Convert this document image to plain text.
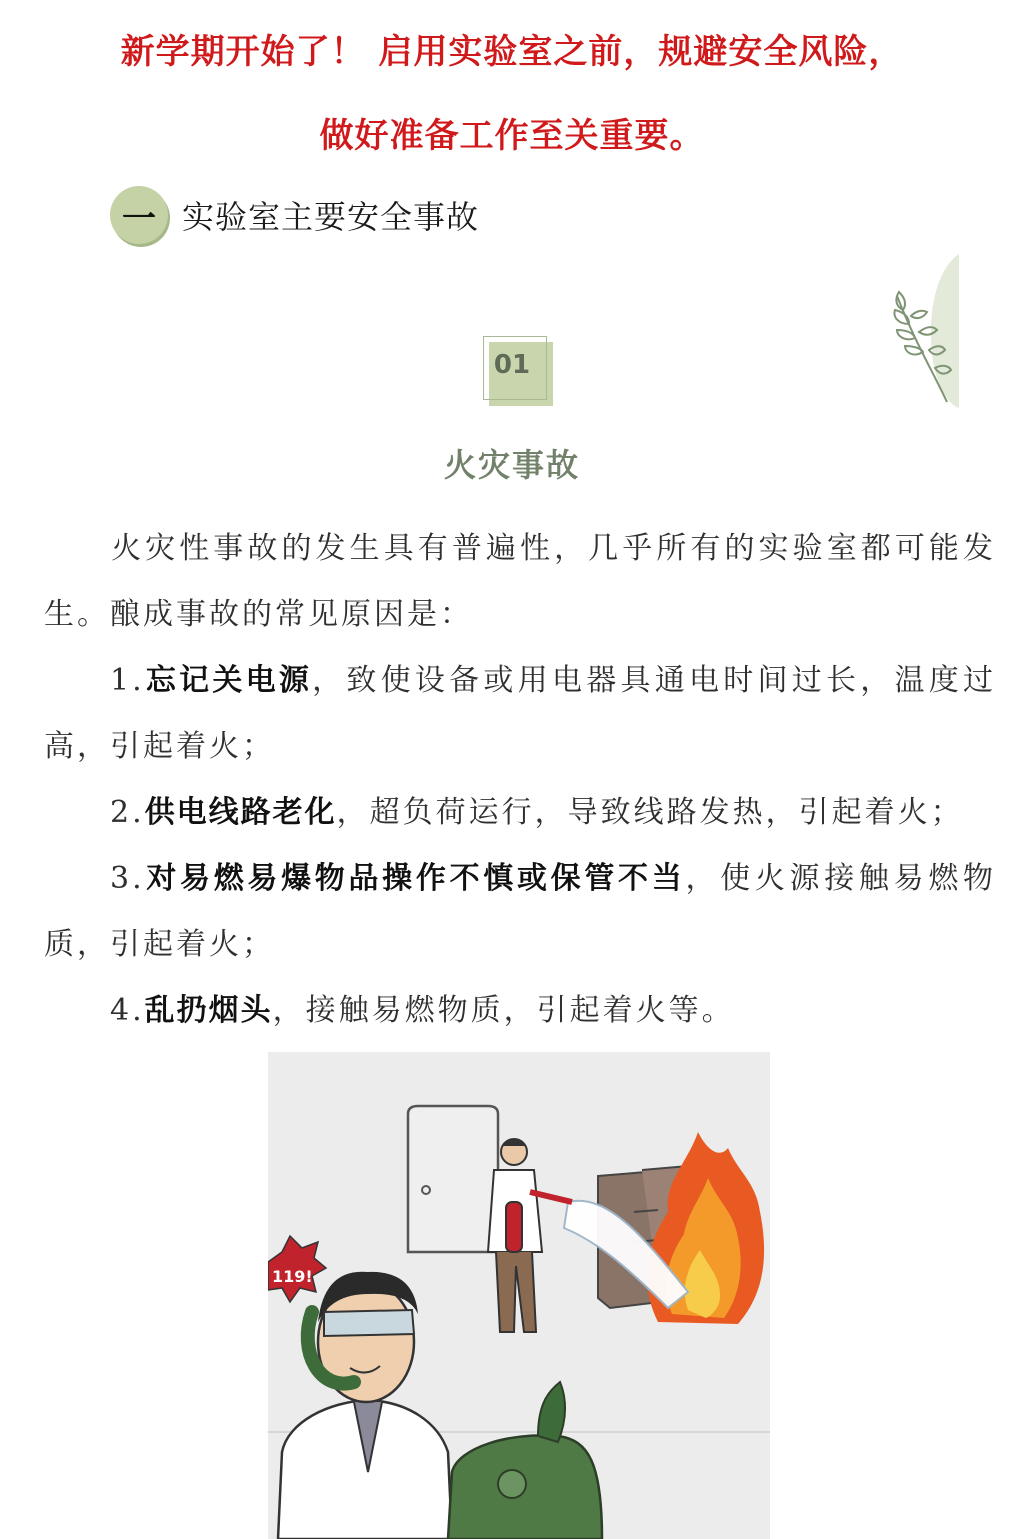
新学期开始了！ 启用实验室之前，规避安全风险，
做好准备工作至关重要。
一 实验室主要安全事故
01
火灾事故

火灾性事故的发生具有普遍性，几乎所有的实验室都可能发生。酿成事故的常见原因是：

1.忘记关电源，致使设备或用电器具通电时间过长，温度过高，引起着火；

2.供电线路老化，超负荷运行，导致线路发热，引起着火；

3.对易燃易爆物品操作不慎或保管不当，使火源接触易燃物质，引起着火；

4.乱扔烟头，接触易燃物质，引起着火等。

119!
